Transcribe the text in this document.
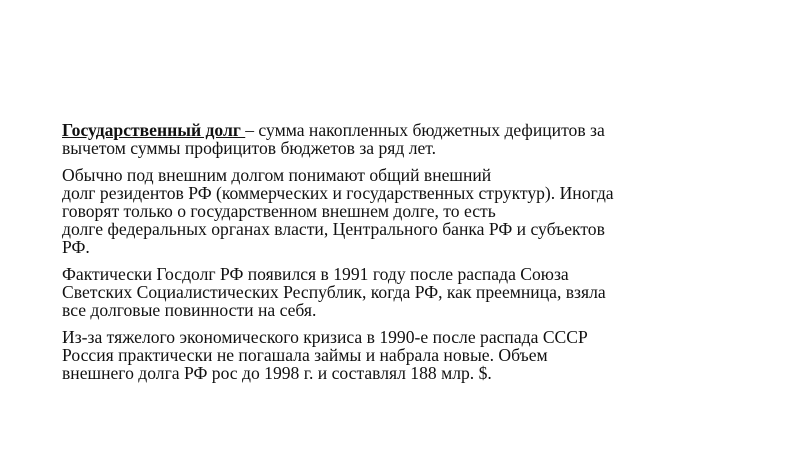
Государственный долг – сумма накопленных бюджетных дефицитов за
вычетом суммы профицитов бюджетов за ряд лет.

Обычно под внешним долгом понимают общий внешний
долг резидентов РФ (коммерческих и государственных структур). Иногда
говорят только о государственном внешнем долге, то есть
долге федеральных органах власти, Центрального банка РФ и субъектов
РФ.

Фактически Госдолг РФ появился в 1991 году после распада Союза
Светских Социалистических Республик, когда РФ, как преемница, взяла
все долговые повинности на себя.

Из-за тяжелого экономического кризиса в 1990-е после распада СССР
Россия практически не погашала займы и набрала новые. Объем
внешнего долга РФ рос до 1998 г. и составлял 188 млр. $.
